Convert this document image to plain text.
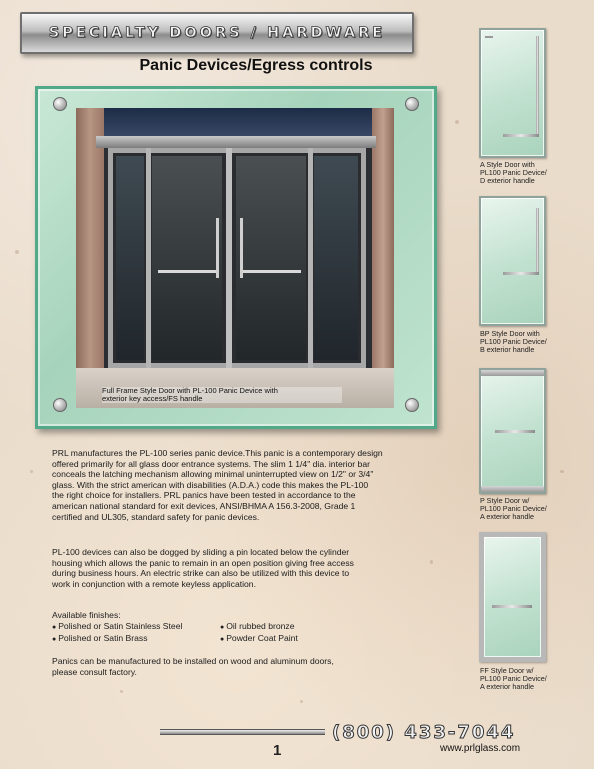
SPECIALTY DOORS / HARDWARE
Panic Devices/Egress controls
Full Frame Style Door with PL-100 Panic Device with
exterior key access/FS handle
PRL manufactures the PL-100 series panic device.This panic is a contemporary design
offered primarily for all glass door entrance systems. The slim 1 1/4" dia. interior bar
conceals the latching mechanism allowing minimal uninterrupted view on 1/2" or 3/4"
glass. With the strict american with disabilities (A.D.A.) code this makes the PL-100
the right choice for installers. PRL panics have been tested in accordance to the
american national standard for exit devices, ANSI/BHMA A 156.3-2008, Grade 1
certified and UL305, standard safety for panic devices.
PL-100 devices can also be dogged by sliding a pin located below the cylinder
housing which allows the panic to remain in an open position giving free access
during business hours. An electric strike can also be utilized with this device to
work in conjunction with a remote keyless application.
Available finishes:
● Polished or Satin Stainless Steel	● Oil rubbed bronze
● Polished or Satin Brass	● Powder Coat Paint
Panics can be manufactured to be installed on wood and aluminum doors,
please consult factory.
A Style Door with
PL100 Panic Device/
D exterior handle
BP Style Door with
PL100 Panic Device/
B exterior handle
P Style Door w/
PL100 Panic Device/
A exterior handle
FF Style Door w/
PL100 Panic Device/
A exterior handle
(800) 433-7044
1	www.prlglass.com
